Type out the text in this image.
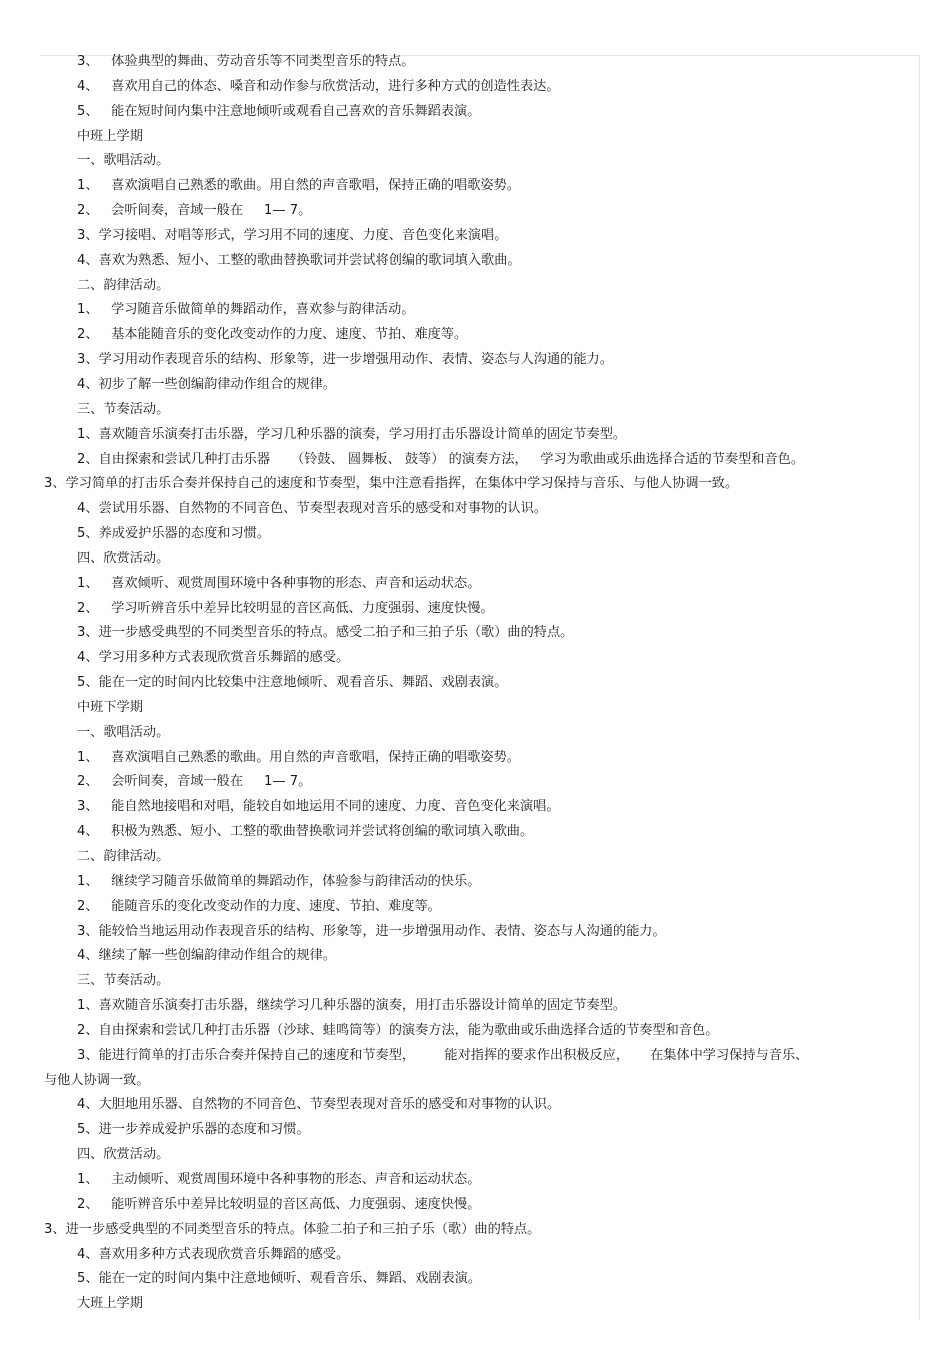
3、   体验典型的舞曲、劳动音乐等不同类型音乐的特点。
4、   喜欢用自己的体态、嗓音和动作参与欣赏活动，进行多种方式的创造性表达。
5、   能在短时间内集中注意地倾听或观看自己喜欢的音乐舞蹈表演。
中班上学期
一、歌唱活动。
1、   喜欢演唱自己熟悉的歌曲。用自然的声音歌唱，保持正确的唱歌姿势。
2、   会听间奏，音域一般在     1— 7。
3、学习接唱、对唱等形式，学习用不同的速度、力度、音色变化来演唱。
4、喜欢为熟悉、短小、工整的歌曲替换歌词并尝试将创编的歌词填入歌曲。
二、韵律活动。
1、   学习随音乐做简单的舞蹈动作，喜欢参与韵律活动。
2、   基本能随音乐的变化改变动作的力度、速度、节拍、难度等。
3、学习用动作表现音乐的结构、形象等，进一步增强用动作、表情、姿态与人沟通的能力。
4、初步了解一些创编韵律动作组合的规律。
三、节奏活动。
1、喜欢随音乐演奏打击乐器，学习几种乐器的演奏，学习用打击乐器设计简单的固定节奏型。
2、自由探索和尝试几种打击乐器     （铃鼓、 圆舞板、 鼓等） 的演奏方法，   学习为歌曲或乐曲选择合适的节奏型和音色。
3、学习简单的打击乐合奏并保持自己的速度和节奏型，集中注意看指挥，在集体中学习保持与音乐、与他人协调一致。
4、尝试用乐器、自然物的不同音色、节奏型表现对音乐的感受和对事物的认识。
5、养成爱护乐器的态度和习惯。
四、欣赏活动。
1、   喜欢倾听、观赏周围环境中各种事物的形态、声音和运动状态。
2、   学习听辨音乐中差异比较明显的音区高低、力度强弱、速度快慢。
3、进一步感受典型的不同类型音乐的特点。感受二拍子和三拍子乐（歌）曲的特点。
4、学习用多种方式表现欣赏音乐舞蹈的感受。
5、能在一定的时间内比较集中注意地倾听、观看音乐、舞蹈、戏剧表演。
中班下学期
一、歌唱活动。
1、   喜欢演唱自己熟悉的歌曲。用自然的声音歌唱，保持正确的唱歌姿势。
2、   会听间奏，音域一般在     1— 7。
3、   能自然地接唱和对唱，能较自如地运用不同的速度、力度、音色变化来演唱。
4、   积极为熟悉、短小、工整的歌曲替换歌词并尝试将创编的歌词填入歌曲。
二、韵律活动。
1、   继续学习随音乐做简单的舞蹈动作，体验参与韵律活动的快乐。
2、   能随音乐的变化改变动作的力度、速度、节拍、难度等。
3、能较恰当地运用动作表现音乐的结构、形象等，进一步增强用动作、表情、姿态与人沟通的能力。
4、继续了解一些创编韵律动作组合的规律。
三、节奏活动。
1、喜欢随音乐演奏打击乐器，继续学习几种乐器的演奏，用打击乐器设计简单的固定节奏型。
2、自由探索和尝试几种打击乐器（沙球、蛙鸣筒等）的演奏方法，能为歌曲或乐曲选择合适的节奏型和音色。
3、能进行简单的打击乐合奏并保持自己的速度和节奏型，       能对指挥的要求作出积极反应，     在集体中学习保持与音乐、
与他人协调一致。
4、大胆地用乐器、自然物的不同音色、节奏型表现对音乐的感受和对事物的认识。
5、进一步养成爱护乐器的态度和习惯。
四、欣赏活动。
1、   主动倾听、观赏周围环境中各种事物的形态、声音和运动状态。
2、   能听辨音乐中差异比较明显的音区高低、力度强弱、速度快慢。
3、进一步感受典型的不同类型音乐的特点。体验二拍子和三拍子乐（歌）曲的特点。
4、喜欢用多种方式表现欣赏音乐舞蹈的感受。
5、能在一定的时间内集中注意地倾听、观看音乐、舞蹈、戏剧表演。
大班上学期
